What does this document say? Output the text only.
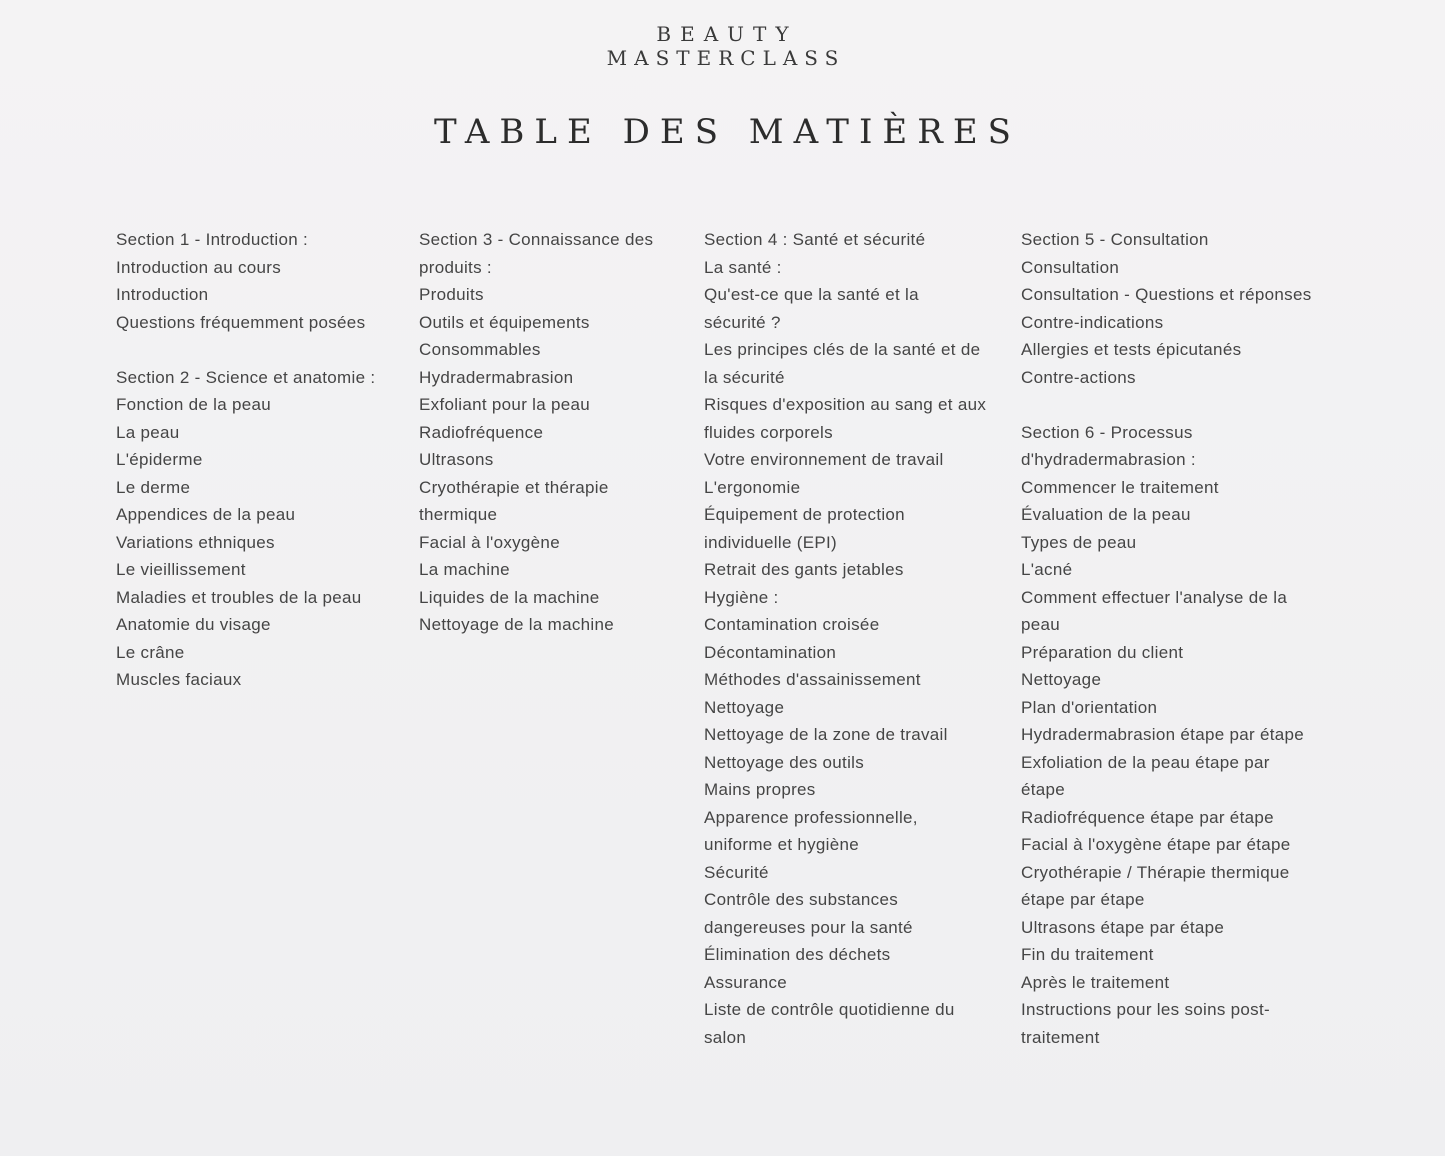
BEAUTY
MASTERCLASS
TABLE DES MATIÈRES
Section 1 - Introduction :
Introduction au cours
Introduction
Questions fréquemment posées
Section 2 - Science et anatomie :
Fonction de la peau
La peau
L'épiderme
Le derme
Appendices de la peau
Variations ethniques
Le vieillissement
Maladies et troubles de la peau
Anatomie du visage
Le crâne
Muscles faciaux
Section 3 - Connaissance des
produits :
Produits
Outils et équipements
Consommables
Hydradermabrasion
Exfoliant pour la peau
Radiofréquence
Ultrasons
Cryothérapie et thérapie
thermique
Facial à l'oxygène
La machine
Liquides de la machine
Nettoyage de la machine
Section 4 : Santé et sécurité
La santé :
Qu'est-ce que la santé et la
sécurité ?
Les principes clés de la santé et de
la sécurité
Risques d'exposition au sang et aux
fluides corporels
Votre environnement de travail
L'ergonomie
Équipement de protection
individuelle (EPI)
Retrait des gants jetables
Hygiène :
Contamination croisée
Décontamination
Méthodes d'assainissement
Nettoyage
Nettoyage de la zone de travail
Nettoyage des outils
Mains propres
Apparence professionnelle,
uniforme et hygiène
Sécurité
Contrôle des substances
dangereuses pour la santé
Élimination des déchets
Assurance
Liste de contrôle quotidienne du
salon
Section 5 - Consultation
Consultation
Consultation - Questions et réponses
Contre-indications
Allergies et tests épicutanés
Contre-actions
Section 6 - Processus
d'hydradermabrasion :
Commencer le traitement
Évaluation de la peau
Types de peau
L'acné
Comment effectuer l'analyse de la
peau
Préparation du client
Nettoyage
Plan d'orientation
Hydradermabrasion étape par étape
Exfoliation de la peau étape par
étape
Radiofréquence étape par étape
Facial à l'oxygène étape par étape
Cryothérapie / Thérapie thermique
étape par étape
Ultrasons étape par étape
Fin du traitement
Après le traitement
Instructions pour les soins post-
traitement
